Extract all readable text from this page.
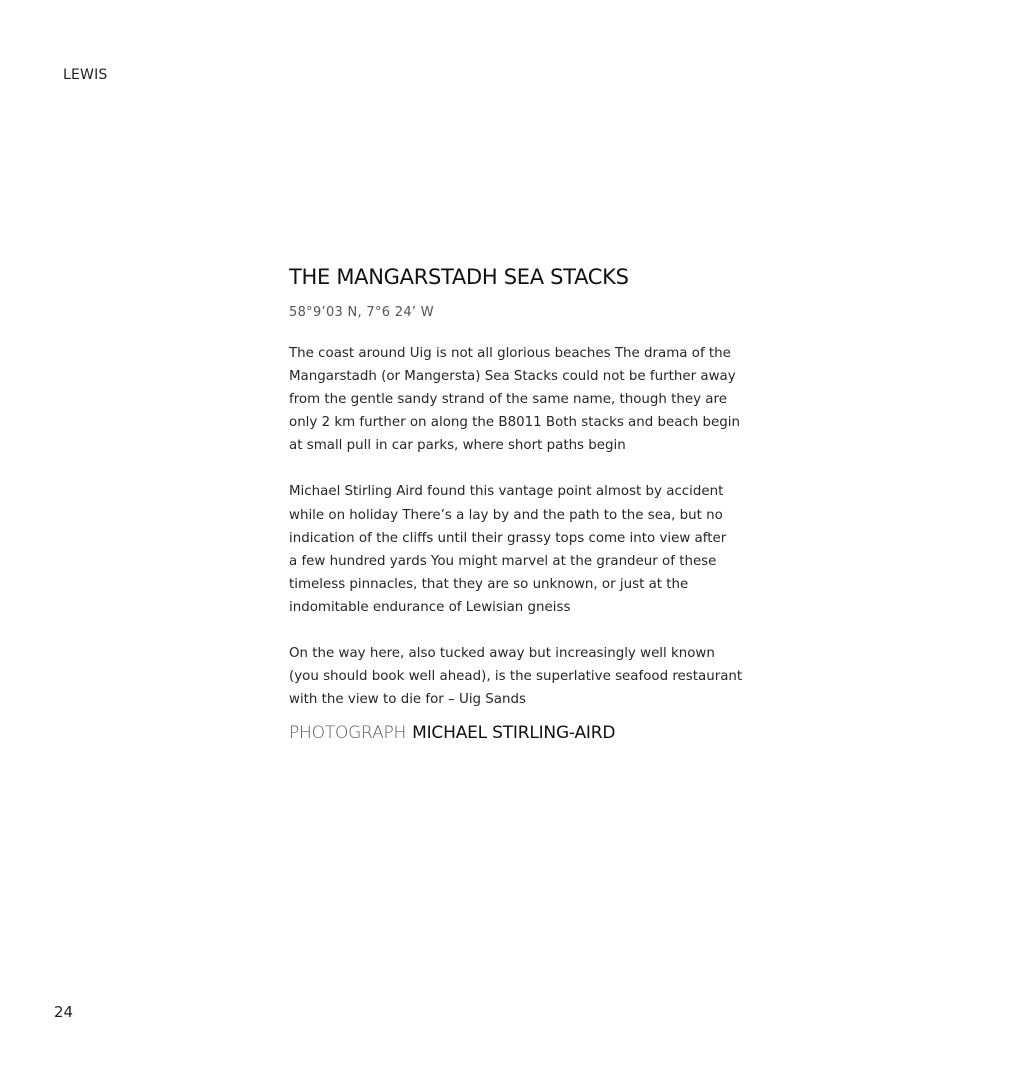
LEWIS
THE MANGARSTADH SEA STACKS
58°9’03 N, 7°6 24’ W

The coast around Uig is not all glorious beaches The drama of the
Mangarstadh (or Mangersta) Sea Stacks could not be further away
from the gentle sandy strand of the same name, though they are
only 2 km further on along the B8011 Both stacks and beach begin
at small pull in car parks, where short paths begin

Michael Stirling Aird found this vantage point almost by accident
while on holiday There’s a lay by and the path to the sea, but no
indication of the cliffs until their grassy tops come into view after
a few hundred yards You might marvel at the grandeur of these
timeless pinnacles, that they are so unknown, or just at the
indomitable endurance of Lewisian gneiss

On the way here, also tucked away but increasingly well known
(you should book well ahead), is the superlative seafood restaurant
with the view to die for – Uig Sands

PHOTOGRAPH MICHAEL STIRLING-AIRD
24
